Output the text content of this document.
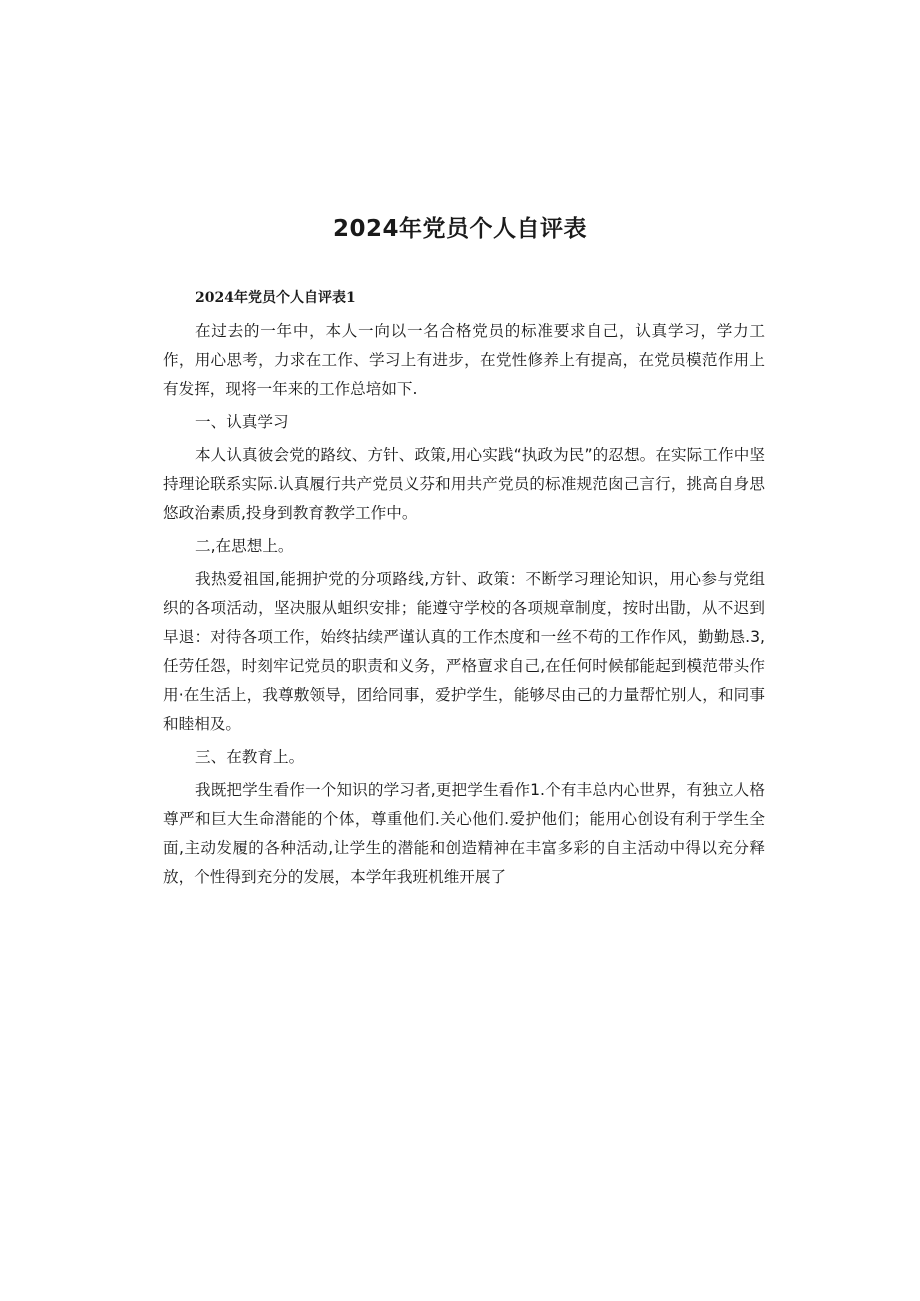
2024年党员个人自评表

2024年党员个人自评表1

在过去的一年中，本人一向以一名合格党员的标准要求自己，认真学习，学力工作，用心思考，力求在工作、学习上有进步，在党性修养上有提高，在党员模范作用上有发挥，现将一年来的工作总培如下.

一、认真学习

本人认真彼会党的路纹、方针、政策,用心实践“执政为民”的忍想。在实际工作中坚持理论联系实际.认真履行共产党员义芬和用共产党员的标准规范囱己言行，挑高自身思悠政治素质,投身到教育教学工作中。

二,在思想上。

我热爱祖国,能拥护党的分项路线,方针、政策：不断学习理论知识，用心参与党组织的各项活动，坚决服从蛆织安排；能遵守学校的各项规章制度，按时出勖，从不迟到早退：对待各项工作，始终拈续严谨认真的工作杰度和一丝不苟的工作作风，勤勤恳.3,任劳任怨，时刻牢记党员的职责和义务，严格亶求自己,在任何时候郁能起到模范带头作用·在生活上，我尊敷领导，团给同事，爱护学生，能够尽由己的力量帮忙别人，和同事和睦相及。

三、在教育上。

我既把学生看作一个知识的学习者,更把学生看作1.个有丰总内心世界，有独立人格尊严和巨大生命潜能的个体，尊重他们.关心他们.爱护他们；能用心创设有利于学生全面,主动发履的各种活动,让学生的潜能和创造精神在丰富多彩的自主活动中得以充分释放，个性得到充分的发展，本学年我班机维开展了
